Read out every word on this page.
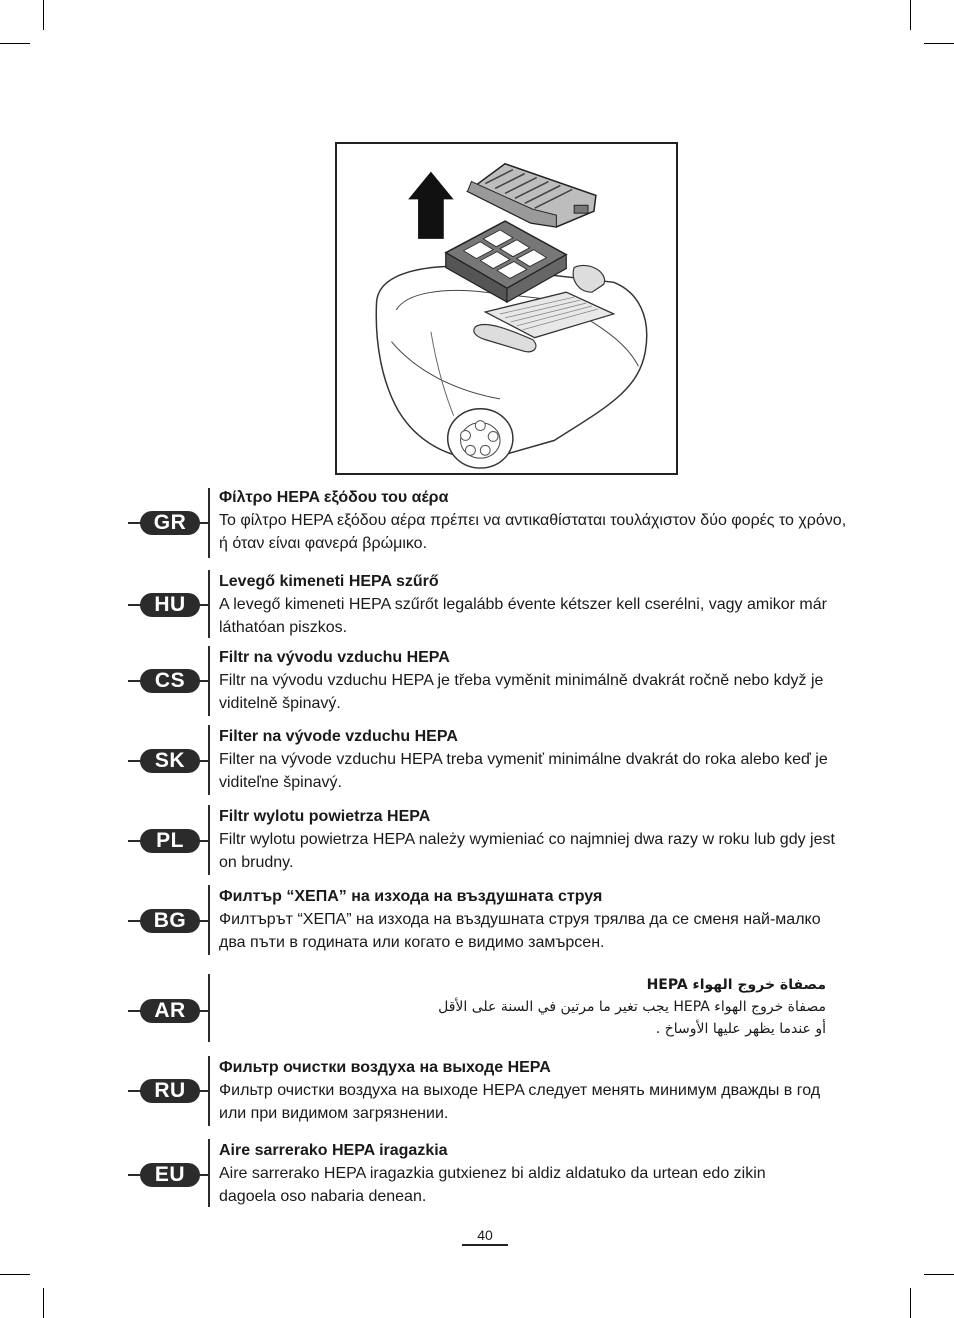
GR
Φίλτρο HEPA εξόδου του αέρα
Το φίλτρο HEPA εξόδου αέρα πρέπει να αντικαθίσταται τουλάχιστον δύο φορές το χρόνο,
ή όταν είναι φανερά βρώμικο.
HU
Levegő kimeneti HEPA szűrő
A levegő kimeneti HEPA szűrőt legalább évente kétszer kell cserélni, vagy amikor már
láthatóan piszkos.
CS
Filtr na vývodu vzduchu HEPA
Filtr na vývodu vzduchu HEPA je třeba vyměnit minimálně dvakrát ročně nebo když je
viditelně špinavý.
SK
Filter na vývode vzduchu HEPA
Filter na vývode vzduchu HEPA treba vymeniť minimálne dvakrát do roka alebo keď je
viditeľne špinavý.
PL
Filtr wylotu powietrza HEPA
Filtr wylotu powietrza HEPA należy wymieniać co najmniej dwa razy w roku lub gdy jest
on brudny.
BG
Филтър “ХЕПА” на изхода на въздушната струя
Филтърът “ХЕПА” на изхода на въздушната струя трялва да се сменя най-малко
два пъти в годината или когато е видимо замърсен.
AR
مصفاة خروج الهواء HEPA
مصفاة خروج الهواء HEPA يجب تغير ما مرتين في السنة على الأقل
أو عندما يظهر عليها الأوساخ .
RU
Фильтр очистки воздуха на выходе HEPA
Фильтр очистки воздуха на выходе HEPA следует менять минимум дважды в год
или при видимом загрязнении.
EU
Aire sarrerako HEPA iragazkia
Aire sarrerako HEPA iragazkia gutxienez bi aldiz aldatuko da urtean edo zikin
dagoela oso nabaria denean.
40
